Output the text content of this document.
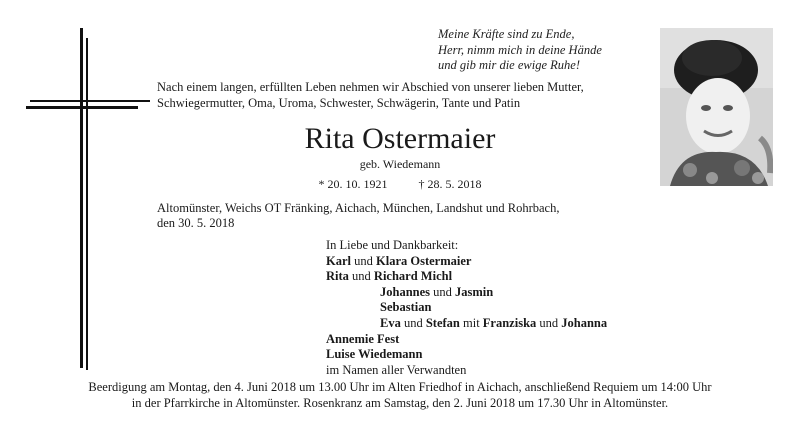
Meine Kräfte sind zu Ende,
Herr, nimm mich in deine Hände
und gib mir die ewige Ruhe!
Nach einem langen, erfüllten Leben nehmen wir Abschied von unserer lieben Mutter,
Schwiegermutter, Oma, Uroma, Schwester, Schwägerin, Tante und Patin
Rita Ostermaier
geb. Wiedemann
* 20. 10. 1921	† 28. 5. 2018
Altomünster, Weichs OT Fränking, Aichach, München, Landshut und Rohrbach,
den 30. 5. 2018
In Liebe und Dankbarkeit:
Karl und Klara Ostermaier
Rita und Richard Michl
Johannes und Jasmin
Sebastian
Eva und Stefan mit Franziska und Johanna
Annemie Fest
Luise Wiedemann
im Namen aller Verwandten
Beerdigung am Montag, den 4. Juni 2018 um 13.00 Uhr im Alten Friedhof in Aichach, anschließend Requiem um 14:00 Uhr
in der Pfarrkirche in Altomünster. Rosenkranz am Samstag, den 2. Juni 2018 um 17.30 Uhr in Altomünster.
